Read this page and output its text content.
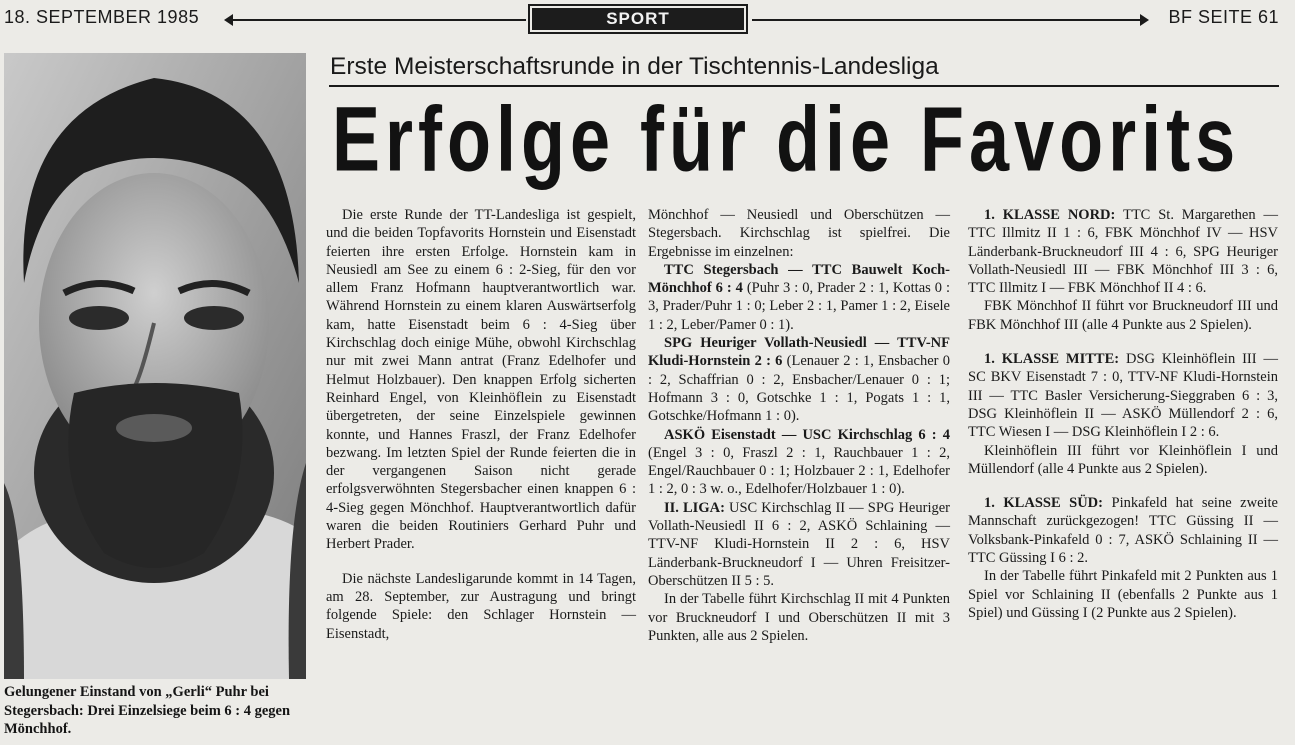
18. SEPTEMBER 1985	SPORT	BF SEITE 61
Gelungener Einstand von „Gerli“ Puhr bei Stegersbach: Drei Einzelsiege beim 6 : 4 gegen Mönchhof.
Erste Meisterschaftsrunde in der Tischtennis-Landesliga
Erfolge für die Favorits

Die erste Runde der TT-Landesliga ist gespielt, und die beiden Topfavorits Hornstein und Eisenstadt feierten ihre ersten Erfolge. Hornstein kam in Neusiedl am See zu einem 6 : 2-Sieg, für den vor allem Franz Hofmann hauptverantwortlich war. Während Hornstein zu einem klaren Auswärtserfolg kam, hatte Eisenstadt beim 6 : 4-Sieg über Kirchschlag doch einige Mühe, obwohl Kirchschlag nur mit zwei Mann antrat (Franz Edelhofer und Helmut Holzbauer). Den knappen Erfolg sicherten Reinhard Engel, von Kleinhöflein zu Eisenstadt übergetreten, der seine Einzelspiele gewinnen konnte, und Hannes Fraszl, der Franz Edelhofer bezwang. Im letzten Spiel der Runde feierten die in der vergangenen Saison nicht gerade erfolgsverwöhnten Stegersbacher einen knappen 6 : 4-Sieg gegen Mönchhof. Hauptverantwortlich dafür waren die beiden Routiniers Gerhard Puhr und Herbert Prader.

Die nächste Landesligarunde kommt in 14 Tagen, am 28. September, zur Austragung und bringt folgende Spiele: den Schlager Hornstein — Eisenstadt,

Mönchhof — Neusiedl und Oberschützen — Stegersbach. Kirchschlag ist spielfrei. Die Ergebnisse im einzelnen:

TTC Stegersbach — TTC Bauwelt Koch-Mönchhof 6 : 4 (Puhr 3 : 0, Prader 2 : 1, Kottas 0 : 3, Prader/Puhr 1 : 0; Leber 2 : 1, Pamer 1 : 2, Eisele 1 : 2, Leber/Pamer 0 : 1).

SPG Heuriger Vollath-Neusiedl — TTV-NF Kludi-Hornstein 2 : 6 (Lenauer 2 : 1, Ensbacher 0 : 2, Schaffrian 0 : 2, Ensbacher/Lenauer 0 : 1; Hofmann 3 : 0, Gotschke 1 : 1, Pogats 1 : 1, Gotschke/Hofmann 1 : 0).

ASKÖ Eisenstadt — USC Kirchschlag 6 : 4 (Engel 3 : 0, Fraszl 2 : 1, Rauchbauer 1 : 2, Engel/Rauchbauer 0 : 1; Holzbauer 2 : 1, Edelhofer 1 : 2, 0 : 3 w. o., Edelhofer/Holzbauer 1 : 0).

II. LIGA: USC Kirchschlag II — SPG Heuriger Vollath-Neusiedl II 6 : 2, ASKÖ Schlaining — TTV-NF Kludi-Hornstein II 2 : 6, HSV Länderbank-Bruckneudorf I — Uhren Freisitzer-Oberschützen II 5 : 5.

In der Tabelle führt Kirchschlag II mit 4 Punkten vor Bruckneudorf I und Oberschützen II mit 3 Punkten, alle aus 2 Spielen.

1. KLASSE NORD: TTC St. Margarethen — TTC Illmitz II 1 : 6, FBK Mönchhof IV — HSV Länderbank-Bruckneudorf III 4 : 6, SPG Heuriger Vollath-Neusiedl III — FBK Mönchhof III 3 : 6, TTC Illmitz I — FBK Mönchhof II 4 : 6.

FBK Mönchhof II führt vor Bruckneudorf III und FBK Mönchhof III (alle 4 Punkte aus 2 Spielen).

1. KLASSE MITTE: DSG Kleinhöflein III — SC BKV Eisenstadt 7 : 0, TTV-NF Kludi-Hornstein III — TTC Basler Versicherung-Sieggraben 6 : 3, DSG Kleinhöflein II — ASKÖ Müllendorf 2 : 6, TTC Wiesen I — DSG Kleinhöflein I 2 : 6.

Kleinhöflein III führt vor Kleinhöflein I und Müllendorf (alle 4 Punkte aus 2 Spielen).

1. KLASSE SÜD: Pinkafeld hat seine zweite Mannschaft zurückgezogen! TTC Güssing II — Volksbank-Pinkafeld 0 : 7, ASKÖ Schlaining II — TTC Güssing I 6 : 2.

In der Tabelle führt Pinkafeld mit 2 Punkten aus 1 Spiel vor Schlaining II (ebenfalls 2 Punkte aus 1 Spiel) und Güssing I (2 Punkte aus 2 Spielen).
